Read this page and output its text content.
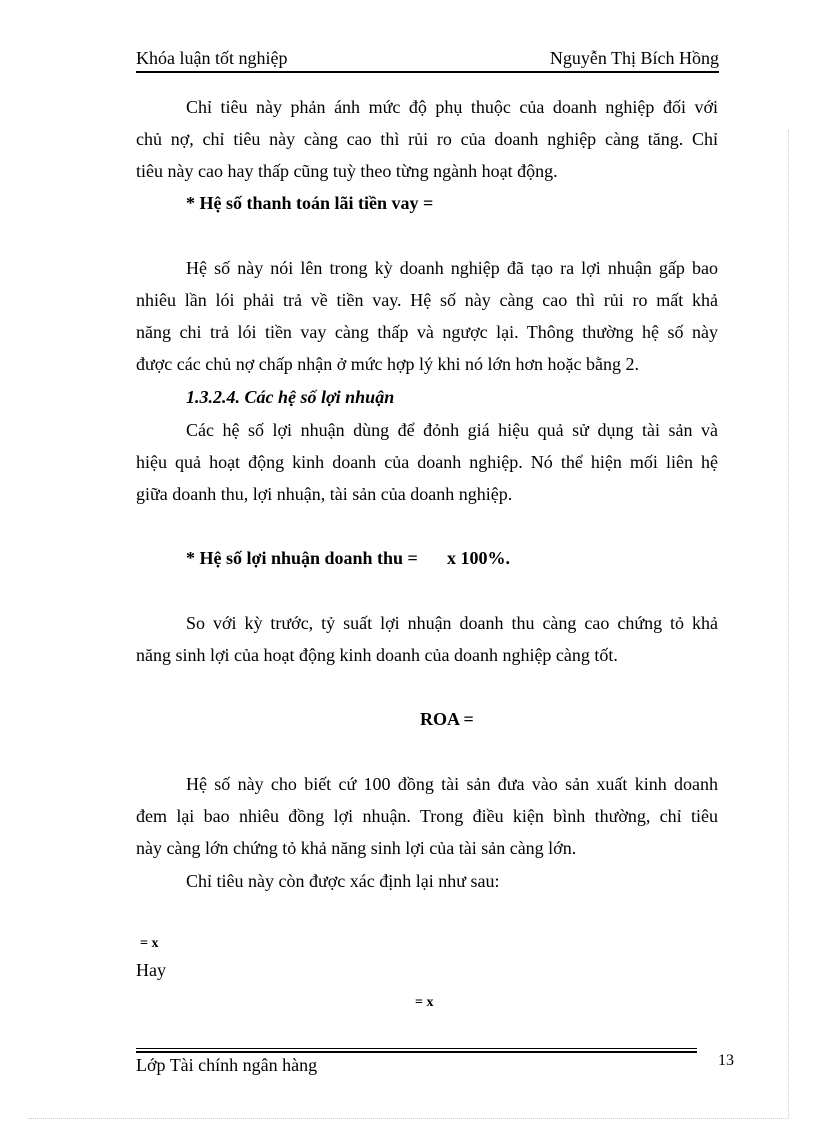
Khóa luận tốt nghiệp	Nguyễn Thị Bích Hồng
Chỉ tiêu này phản ánh mức độ phụ thuộc của doanh nghiệp đối với
chủ nợ, chỉ tiêu này càng cao thì rủi ro của doanh nghiệp càng tăng. Chỉ
tiêu này cao hay thấp cũng tuỳ theo từng ngành hoạt động.
* Hệ số thanh toán lãi tiền vay =
Hệ số này nói lên trong kỳ doanh nghiệp đã tạo ra lợi nhuận gấp bao
nhiêu lần lói phải trả về tiền vay. Hệ số này càng cao thì rủi ro mất khả
năng chi trả lói tiền vay càng thấp và ngược lại. Thông thường hệ số này
được các chủ nợ chấp nhận ở mức hợp lý khi nó lớn hơn hoặc bằng 2.
1.3.2.4. Các hệ số lợi nhuận
Các hệ số lợi nhuận dùng để đỏnh giá hiệu quả sử dụng tài sản và
hiệu quả hoạt động kinh doanh của doanh nghiệp. Nó thể hiện mối liên hệ
giữa doanh thu, lợi nhuận, tài sản của doanh nghiệp.
* Hệ số lợi nhuận doanh thu = x 100%.
So với kỳ trước, tỷ suất lợi nhuận doanh thu càng cao chứng tỏ khả
năng sinh lợi của hoạt động kinh doanh của doanh nghiệp càng tốt.
ROA =
Hệ số này cho biết cứ 100 đồng tài sản đưa vào sản xuất kinh doanh
đem lại bao nhiêu đồng lợi nhuận. Trong điều kiện bình thường, chỉ tiêu
này càng lớn chứng tỏ khả năng sinh lợi của tài sản càng lớn.
Chỉ tiêu này còn được xác định lại như sau:
= x
Hay
= x
Lớp Tài chính ngân hàng	13
